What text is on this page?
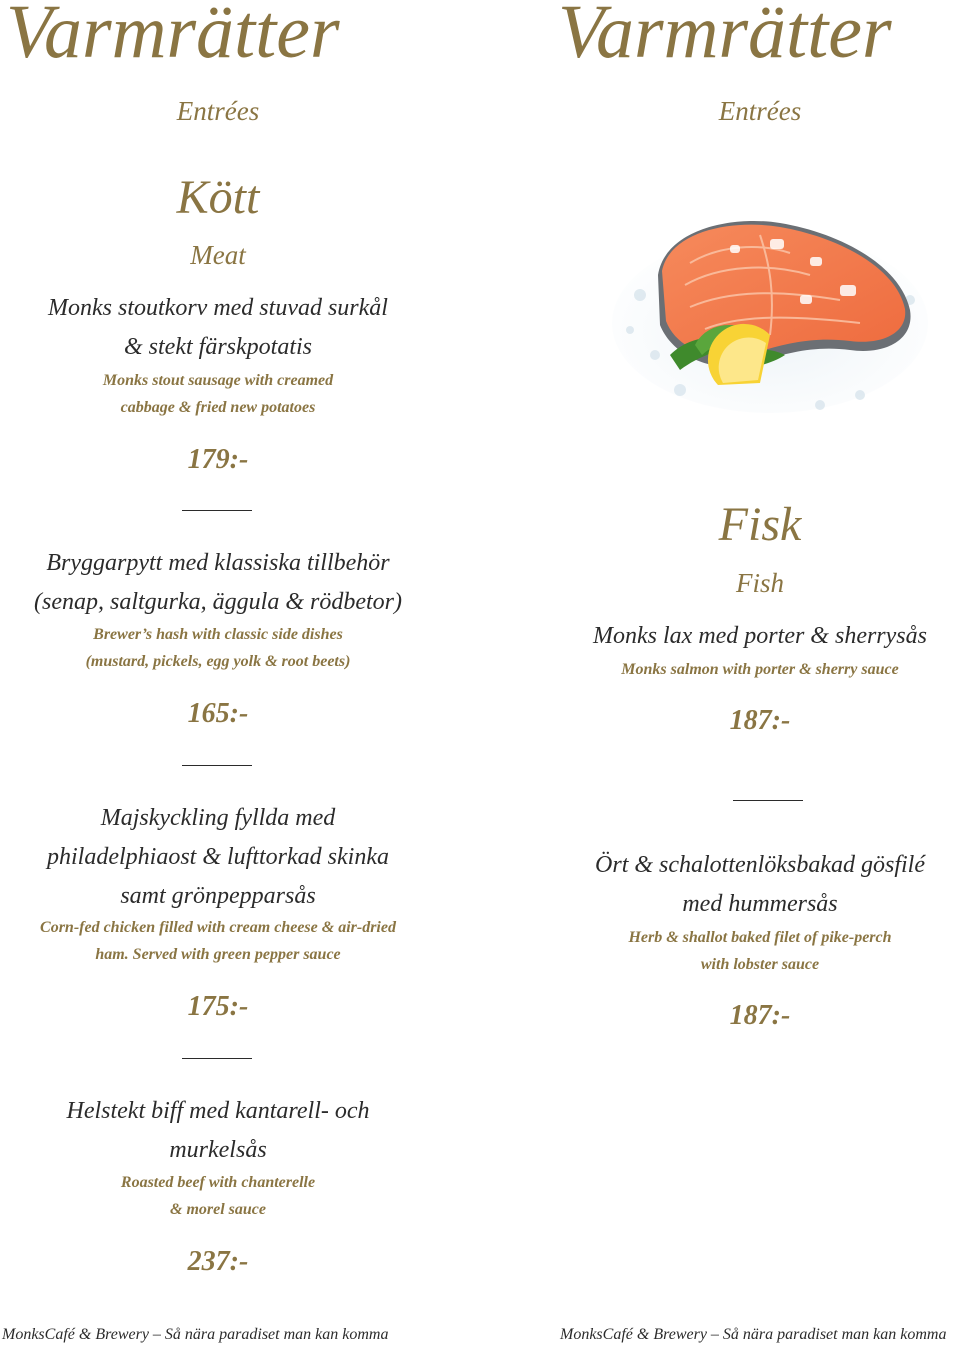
Varmrätter
Entrées
Kött
Meat
Monks stoutkorv med stuvad surkål
& stekt färskpotatis
Monks stout sausage with creamed
cabbage & fried new potatoes
179:-
Bryggarpytt med klassiska tillbehör
(senap, saltgurka, äggula & rödbetor)
Brewer’s hash with classic side dishes
(mustard, pickels, egg yolk & root beets)
165:-
Majskyckling fyllda med
philadelphiaost & lufttorkad skinka
samt grönpepparsås
Corn-fed chicken filled with cream cheese & air-dried
ham. Served with green pepper sauce
175:-
Helstekt biff med kantarell- och
murkelsås
Roasted beef with chanterelle
& morel sauce
237:-
MonksCafé & Brewery – Så nära paradiset man kan komma
Varmrätter
Entrées
Fisk
Fish
Monks lax med porter & sherrysås
Monks salmon with porter & sherry sauce
187:-
Ört & schalottenlöksbakad gösfilé
med hummersås
Herb & shallot baked filet of pike-perch
with lobster sauce
187:-
MonksCafé & Brewery – Så nära paradiset man kan komma
